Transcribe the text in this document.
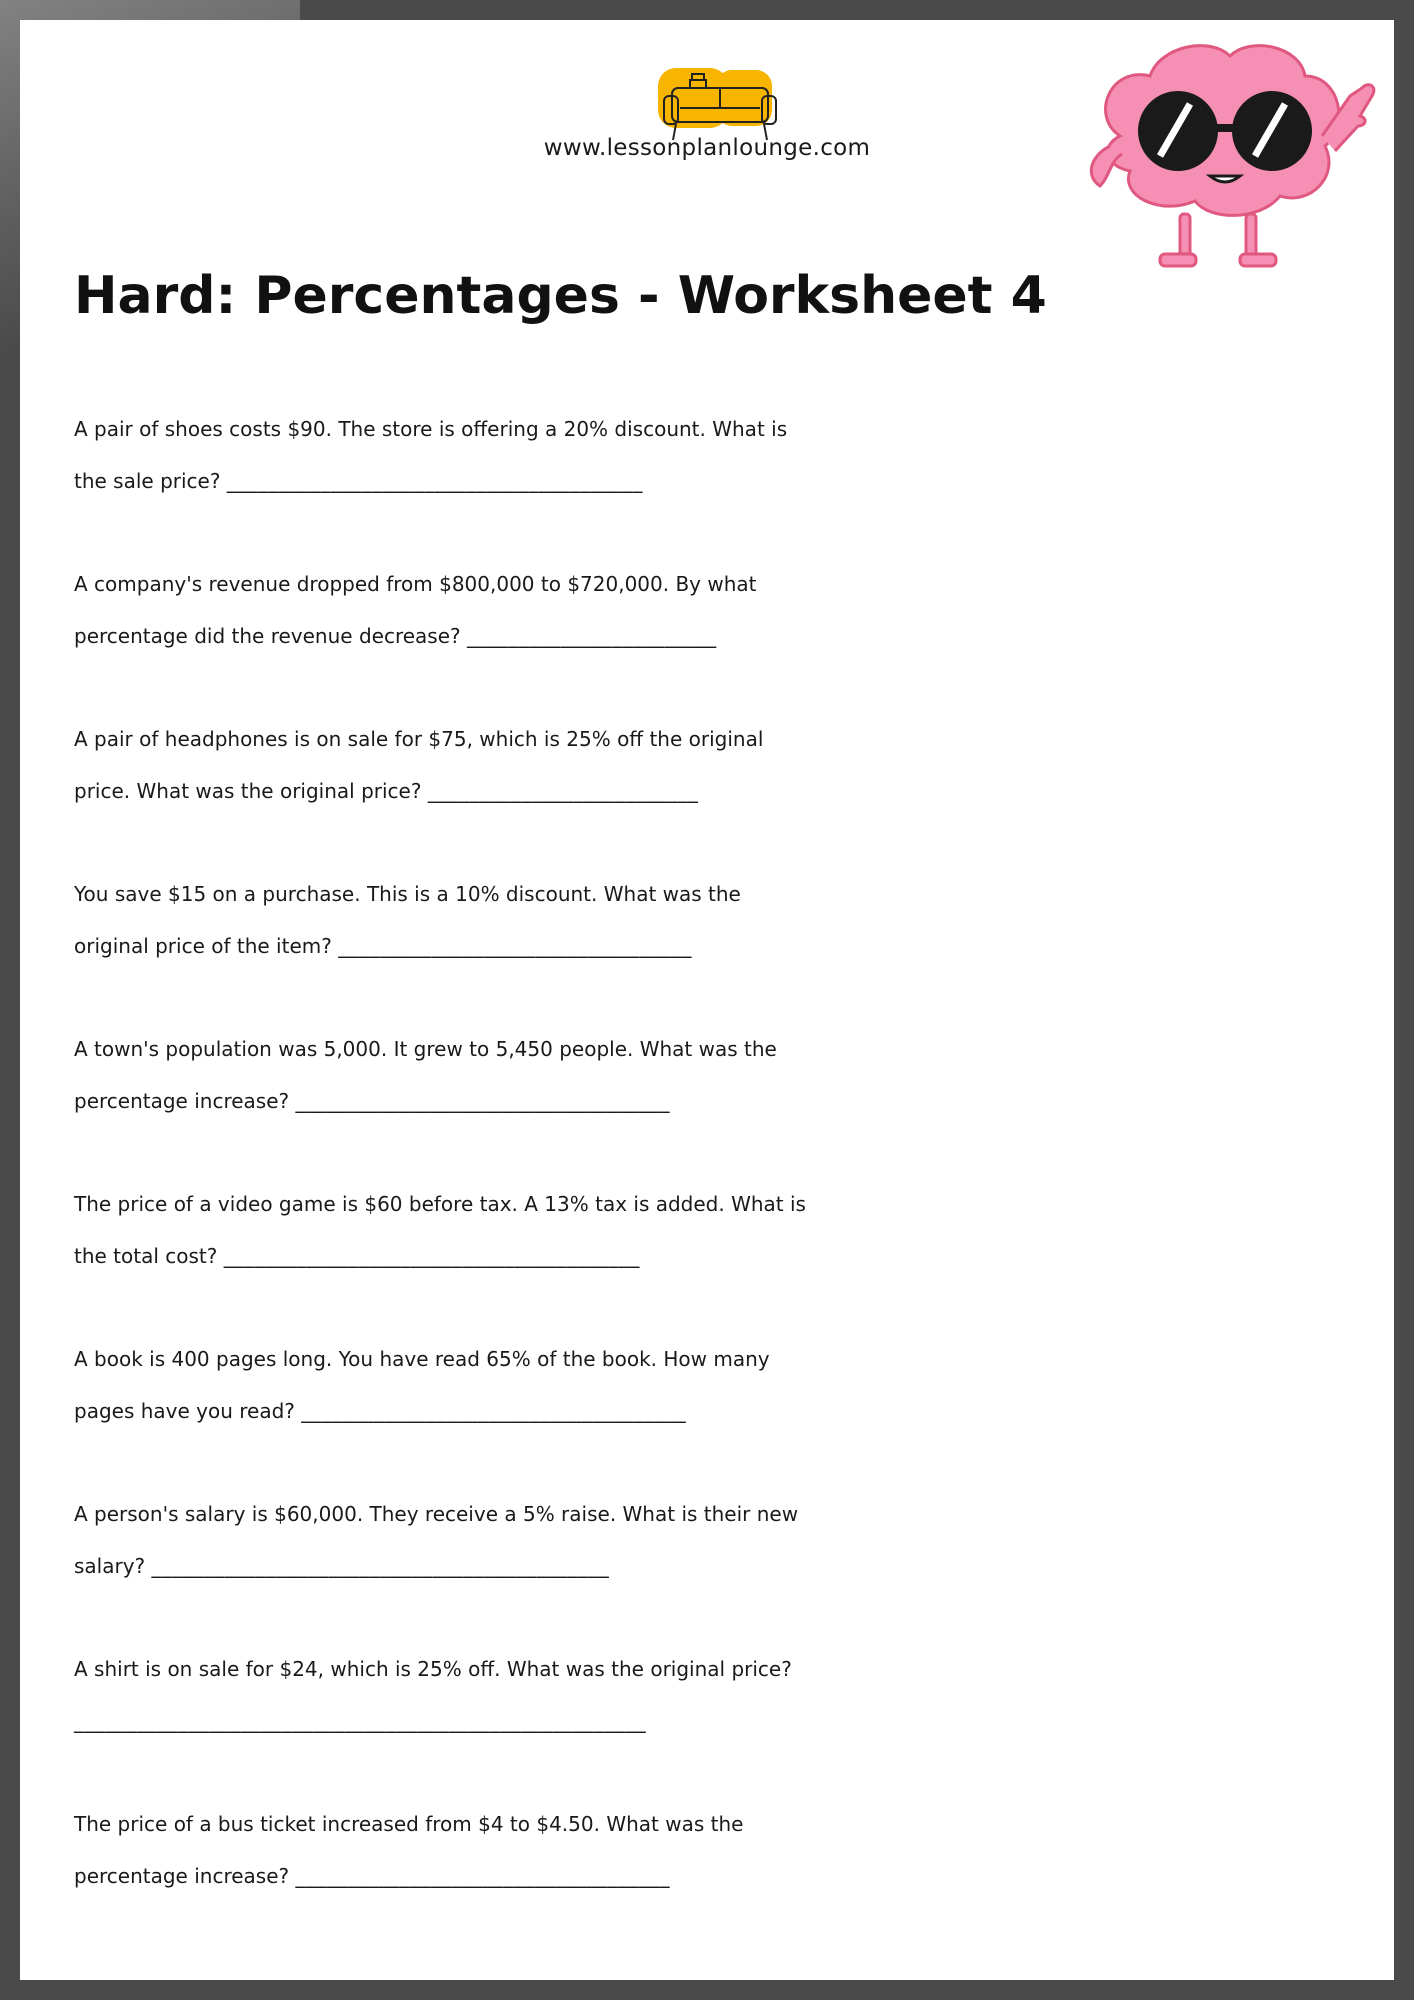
www.lessonplanlounge.com
Hard: Percentages - Worksheet 4
A pair of shoes costs $90. The store is offering a 20% discount. What is
the sale price? ________________________________________
A company's revenue dropped from $800,000 to $720,000. By what
percentage did the revenue decrease? ________________________
A pair of headphones is on sale for $75, which is 25% off the original
price. What was the original price? __________________________
You save $15 on a purchase. This is a 10% discount. What was the
original price of the item? __________________________________
A town's population was 5,000. It grew to 5,450 people. What was the
percentage increase? ____________________________________
The price of a video game is $60 before tax. A 13% tax is added. What is
the total cost? ________________________________________
A book is 400 pages long. You have read 65% of the book. How many
pages have you read? _____________________________________
A person's salary is $60,000. They receive a 5% raise. What is their new
salary? ____________________________________________
A shirt is on sale for $24, which is 25% off. What was the original price?
_______________________________________________________
The price of a bus ticket increased from $4 to $4.50. What was the
percentage increase? ____________________________________
